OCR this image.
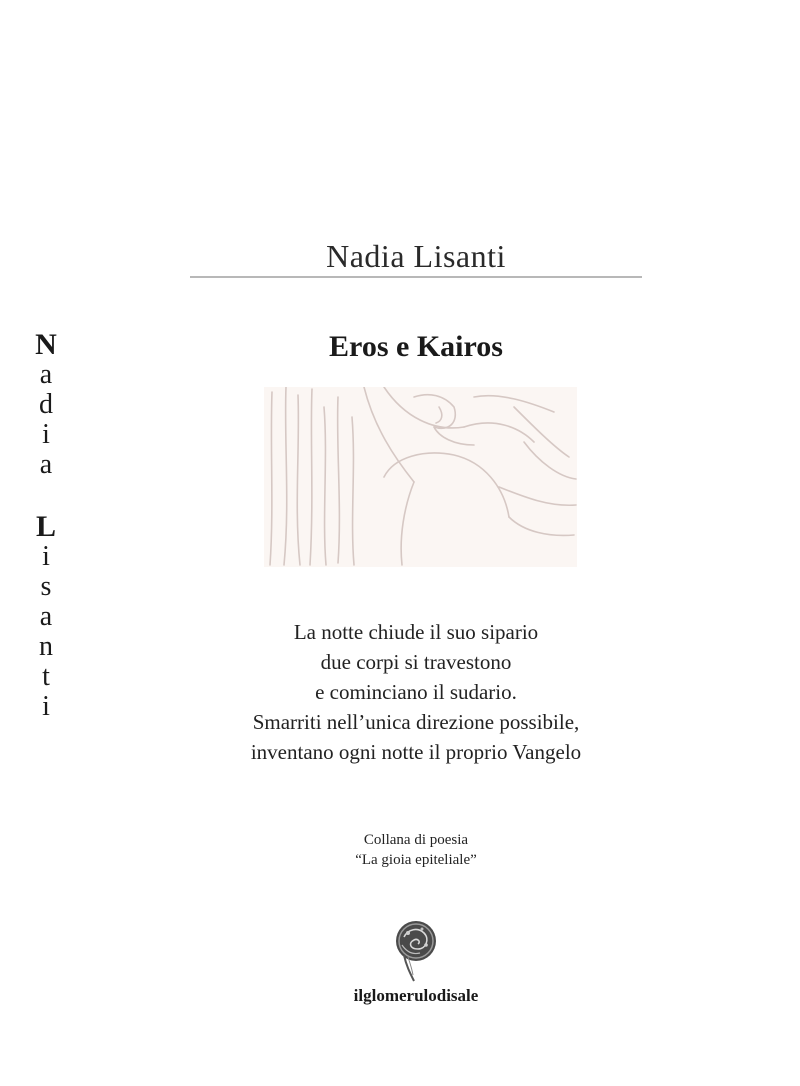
N
a
d
i
a
L
i
s
a
n
t
i
Nadia Lisanti
Eros e Kairos
La notte chiude il suo sipario
due corpi si travestono
e cominciano il sudario.
Smarriti nell’unica direzione possibile,
inventano ogni notte il proprio Vangelo
Collana di poesia
“La gioia epiteliale”
ilglomerulodisale
